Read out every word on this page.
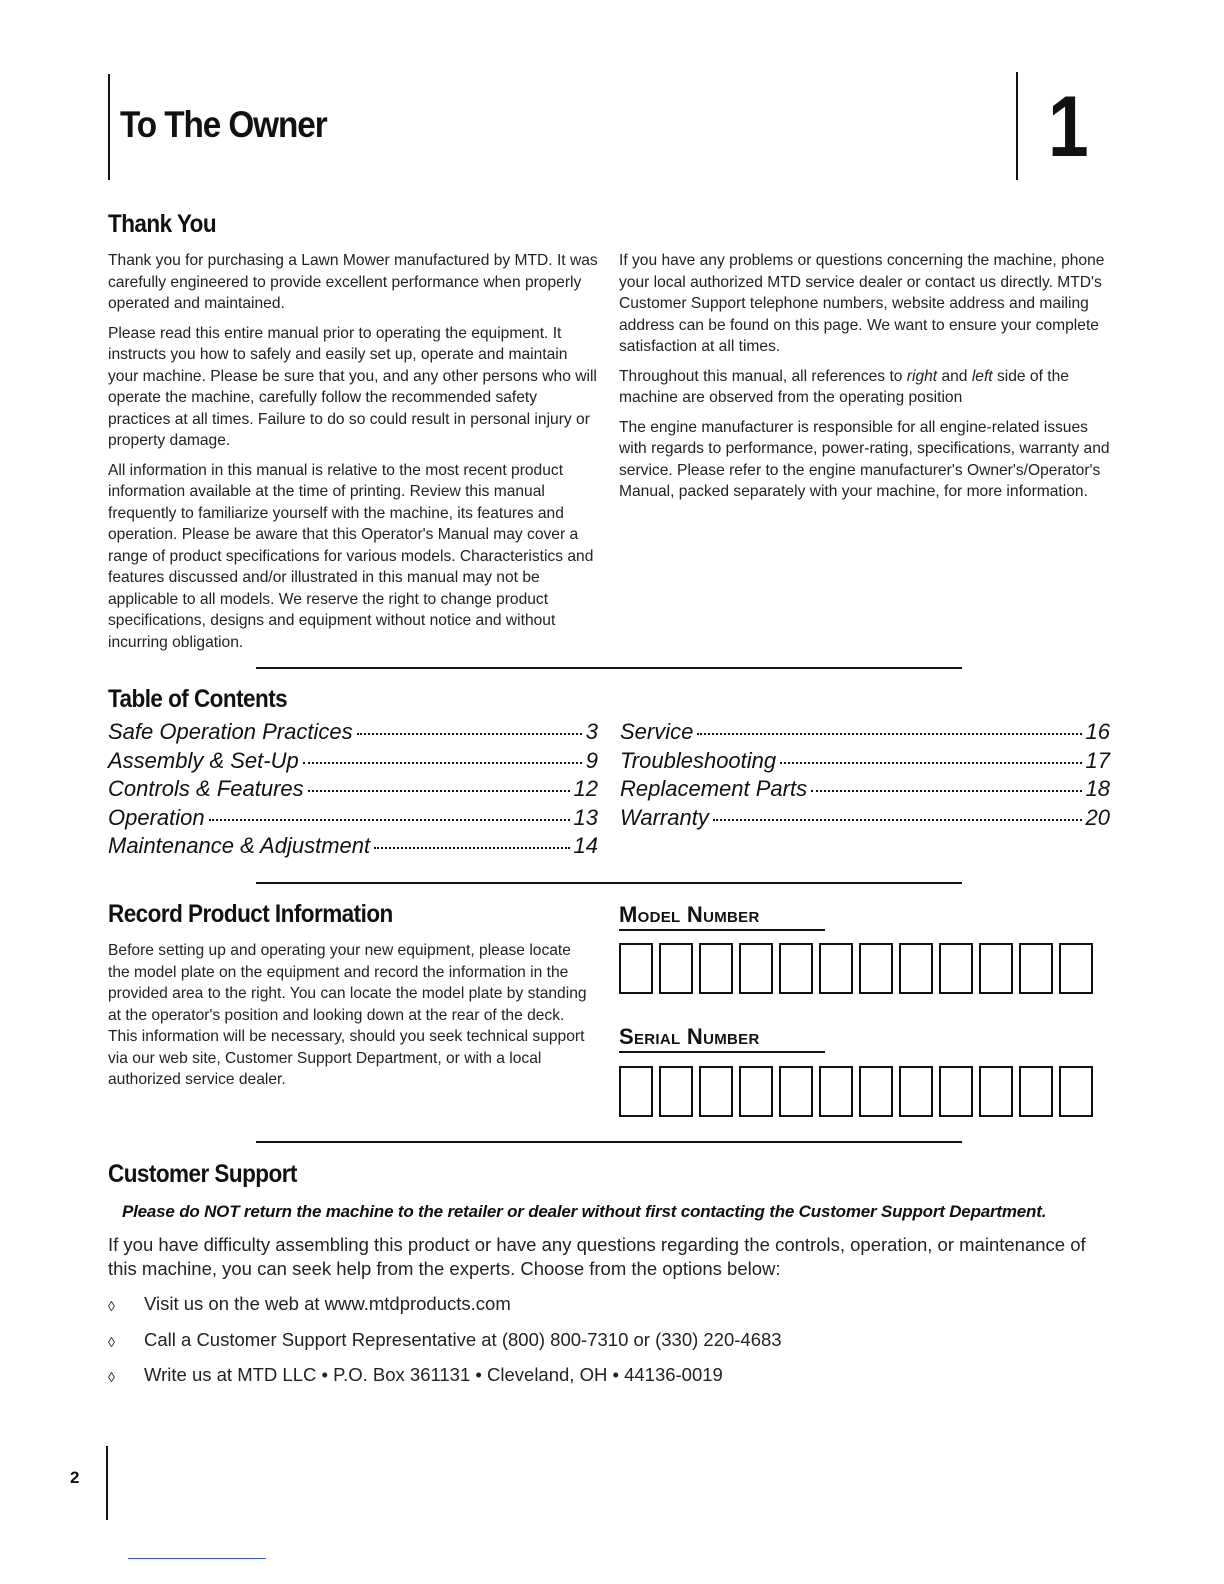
To The Owner	1
Thank You

Thank you for purchasing a Lawn Mower manufactured by MTD. It was carefully engineered to provide excellent performance when properly operated and maintained.

Please read this entire manual prior to operating the equipment. It instructs you how to safely and easily set up, operate and maintain your machine. Please be sure that you, and any other persons who will operate the machine, carefully follow the recommended safety practices at all times. Failure to do so could result in personal injury or property damage.

All information in this manual is relative to the most recent product information available at the time of printing. Review this manual frequently to familiarize yourself with the machine, its features and operation. Please be aware that this Operator's Manual may cover a range of product specifications for various models. Characteristics and features discussed and/or illustrated in this manual may not be applicable to all models. We reserve the right to change product specifications, designs and equipment without notice and without incurring obligation.

If you have any problems or questions concerning the machine, phone your local authorized MTD service dealer or contact us directly. MTD's Customer Support telephone numbers, website address and mailing address can be found on this page. We want to ensure your complete satisfaction at all times.

Throughout this manual, all references to right and left side of the machine are observed from the operating position

The engine manufacturer is responsible for all engine-related issues with regards to performance, power-rating, specifications, warranty and service. Please refer to the engine manufacturer's Owner's/Operator's Manual, packed separately with your machine, for more information.

Table of Contents
Safe Operation Practices	3
Assembly & Set-Up	9
Controls & Features	12
Operation	13
Maintenance & Adjustment	14
Service	16
Troubleshooting	17
Replacement Parts	18
Warranty	20
Record Product Information
Before setting up and operating your new equipment, please locate the model plate on the equipment and record the information in the provided area to the right. You can locate the model plate by standing at the operator's position and looking down at the rear of the deck. This information will be necessary, should you seek technical support via our web site, Customer Support Department, or with a local authorized service dealer.
Model Number
Serial Number
Customer Support
Please do NOT return the machine to the retailer or dealer without first contacting the Customer Support Department.

If you have difficulty assembling this product or have any questions regarding the controls, operation, or maintenance of this machine, you can seek help from the experts. Choose from the options below:

◊	Visit us on the web at www.mtdproducts.com
◊	Call a Customer Support Representative at (800) 800-7310 or (330) 220-4683
◊	Write us at MTD LLC • P.O. Box 361131 • Cleveland, OH • 44136-0019
2
